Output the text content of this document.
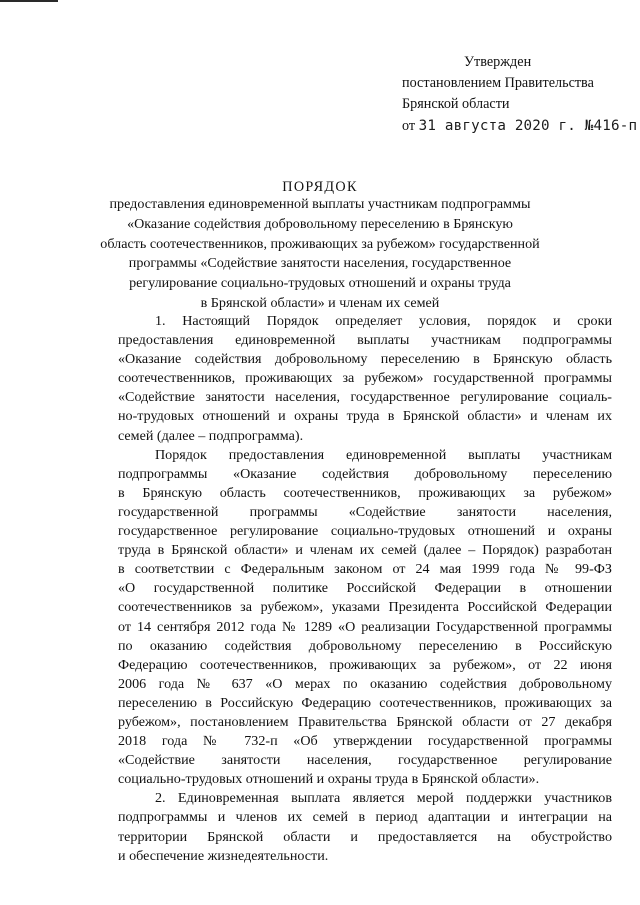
Утвержден
постановлением Правительства
Брянской области
от 31 августа 2020 г. №416-п
ПОРЯДОК
предоставления единовременной выплаты участникам подпрограммы
«Оказание содействия добровольному переселению в Брянскую
область соотечественников, проживающих за рубежом» государственной
программы «Содействие занятости населения, государственное
регулирование социально-трудовых отношений и охраны труда
в Брянской области» и членам их семей
1. Настоящий Порядок определяет условия, порядок и сроки
предоставления единовременной выплаты участникам подпрограммы
«Оказание содействия добровольному переселению в Брянскую область
соотечественников, проживающих за рубежом» государственной программы
«Содействие занятости населения, государственное регулирование социаль-
но-трудовых отношений и охраны труда в Брянской области» и членам их
семей (далее – подпрограмма).
Порядок предоставления единовременной выплаты участникам
подпрограммы «Оказание содействия добровольному переселению
в Брянскую область соотечественников, проживающих за рубежом»
государственной программы «Содействие занятости населения,
государственное регулирование социально-трудовых отношений и охраны
труда в Брянской области» и членам их семей (далее – Порядок) разработан
в соответствии с Федеральным законом от 24 мая 1999 года № 99-ФЗ
«О государственной политике Российской Федерации в отношении
соотечественников за рубежом», указами Президента Российской Федерации
от 14 сентября 2012 года № 1289 «О реализации Государственной программы
по оказанию содействия добровольному переселению в Российскую
Федерацию соотечественников, проживающих за рубежом», от 22 июня
2006 года № 637 «О мерах по оказанию содействия добровольному
переселению в Российскую Федерацию соотечественников, проживающих за
рубежом», постановлением Правительства Брянской области от 27 декабря
2018 года № 732-п «Об утверждении государственной программы
«Содействие занятости населения, государственное регулирование
социально-трудовых отношений и охраны труда в Брянской области».
2. Единовременная выплата является мерой поддержки участников
подпрограммы и членов их семей в период адаптации и интеграции на
территории Брянской области и предоставляется на обустройство
и обеспечение жизнедеятельности.
